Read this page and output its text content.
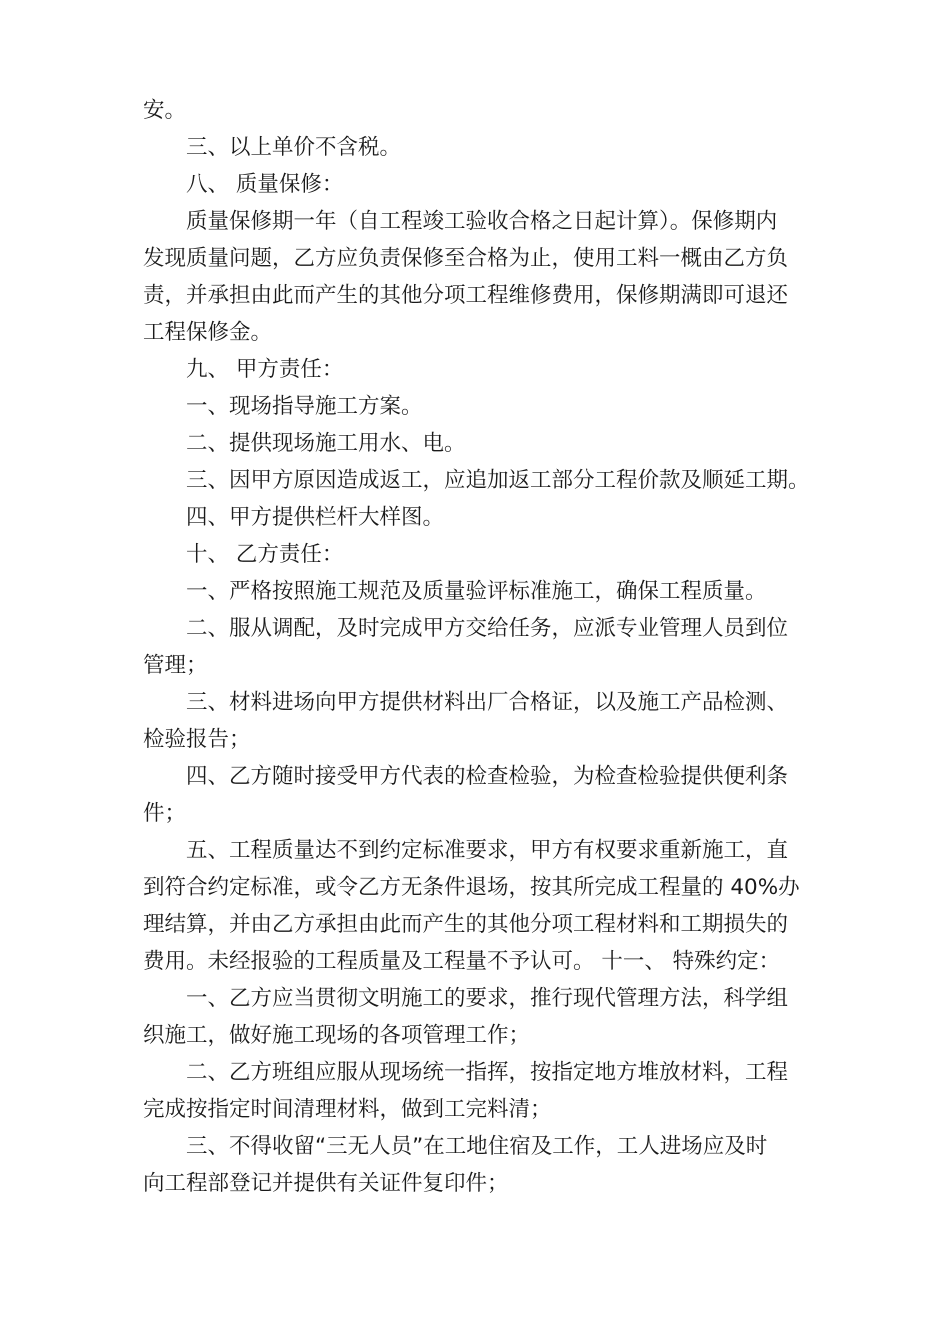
安。
三、以上单价不含税。
八、 质量保修：
质量保修期一年（自工程竣工验收合格之日起计算）。保修期内
发现质量问题，乙方应负责保修至合格为止，使用工料一概由乙方负
责，并承担由此而产生的其他分项工程维修费用，保修期满即可退还
工程保修金。
九、 甲方责任：
一、现场指导施工方案。
二、提供现场施工用水、电。
三、因甲方原因造成返工，应追加返工部分工程价款及顺延工期。
四、甲方提供栏杆大样图。
十、 乙方责任：
一、严格按照施工规范及质量验评标准施工，确保工程质量。
二、服从调配，及时完成甲方交给任务，应派专业管理人员到位
管理；
三、材料进场向甲方提供材料出厂合格证，以及施工产品检测、
检验报告；
四、乙方随时接受甲方代表的检查检验，为检查检验提供便利条
件；
五、工程质量达不到约定标准要求，甲方有权要求重新施工，直
到符合约定标准，或令乙方无条件退场，按其所完成工程量的 40%办
理结算，并由乙方承担由此而产生的其他分项工程材料和工期损失的
费用。未经报验的工程质量及工程量不予认可。 十一、 特殊约定：
一、乙方应当贯彻文明施工的要求，推行现代管理方法，科学组
织施工，做好施工现场的各项管理工作；
二、乙方班组应服从现场统一指挥，按指定地方堆放材料，工程
完成按指定时间清理材料，做到工完料清；
三、不得收留“三无人员”在工地住宿及工作，工人进场应及时
向工程部登记并提供有关证件复印件；
